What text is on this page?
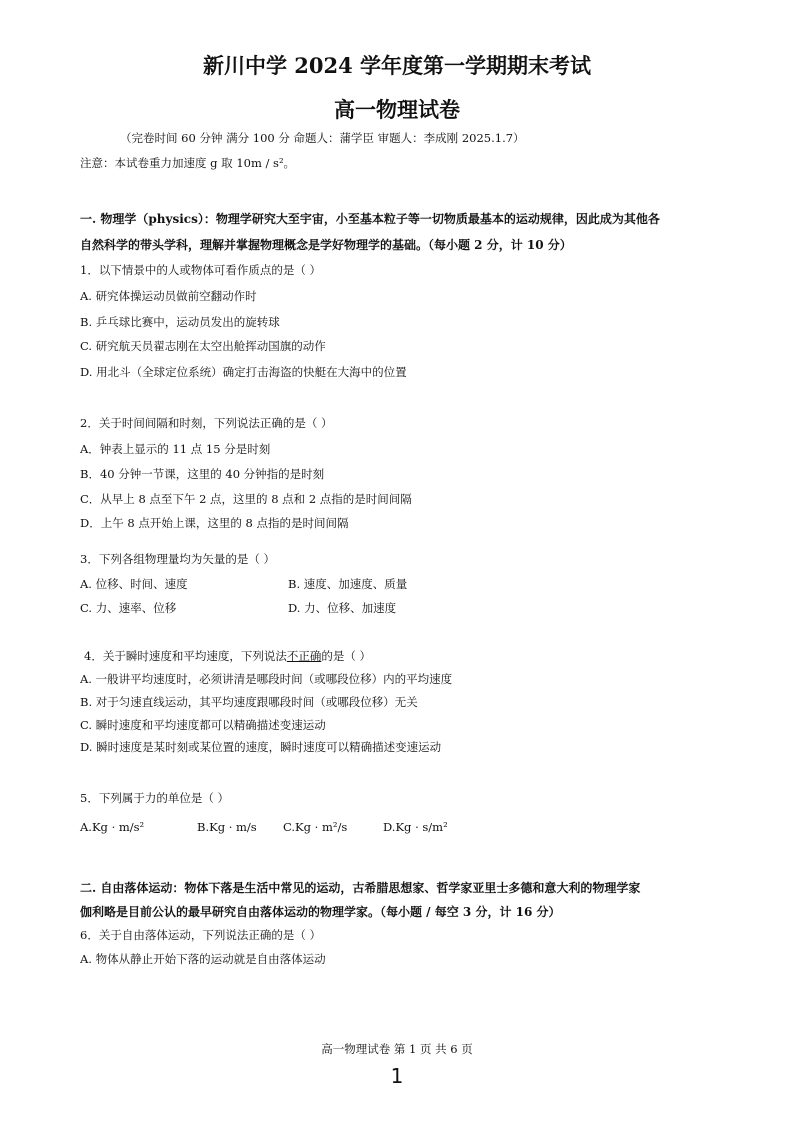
新川中学 2024 学年度第一学期期末考试
高一物理试卷
（完卷时间 60 分钟 满分 100 分 命题人：蒲学臣 审题人：李成刚 2025.1.7）
注意：本试卷重力加速度 g 取 10m / s²。
一. 物理学（physics）：物理学研究大至宇宙，小至基本粒子等一切物质最基本的运动规律，因此成为其他各
自然科学的带头学科，理解并掌握物理概念是学好物理学的基础。（每小题 2 分，计 10 分）
1．以下情景中的人或物体可看作质点的是（ ）
A. 研究体操运动员做前空翻动作时
B. 乒乓球比赛中，运动员发出的旋转球
C. 研究航天员翟志刚在太空出舱挥动国旗的动作
D. 用北斗（全球定位系统）确定打击海盗的快艇在大海中的位置
2．关于时间间隔和时刻，下列说法正确的是（ ）
A．钟表上显示的 11 点 15 分是时刻
B．40 分钟一节课，这里的 40 分钟指的是时刻
C．从早上 8 点至下午 2 点，这里的 8 点和 2 点指的是时间间隔
D．上午 8 点开始上课，这里的 8 点指的是时间间隔
3．下列各组物理量均为矢量的是（ ）
A. 位移、时间、速度	B. 速度、加速度、质量
C. 力、速率、位移	D. 力、位移、加速度
4．关于瞬时速度和平均速度，下列说法不正确的是（ ）
A. 一般讲平均速度时，必须讲清是哪段时间（或哪段位移）内的平均速度
B. 对于匀速直线运动，其平均速度跟哪段时间（或哪段位移）无关
C. 瞬时速度和平均速度都可以精确描述变速运动
D. 瞬时速度是某时刻或某位置的速度，瞬时速度可以精确描述变速运动
5．下列属于力的单位是（ ）
A.Kg · m/s²	B.Kg · m/s C.Kg · m²/s	D.Kg · s/m²
二. 自由落体运动：物体下落是生活中常见的运动，古希腊思想家、哲学家亚里士多德和意大利的物理学家
伽利略是目前公认的最早研究自由落体运动的物理学家。（每小题 / 每空 3 分，计 16 分）
6．关于自由落体运动，下列说法正确的是（ ）
A. 物体从静止开始下落的运动就是自由落体运动
高一物理试卷 第 1 页 共 6 页
1
